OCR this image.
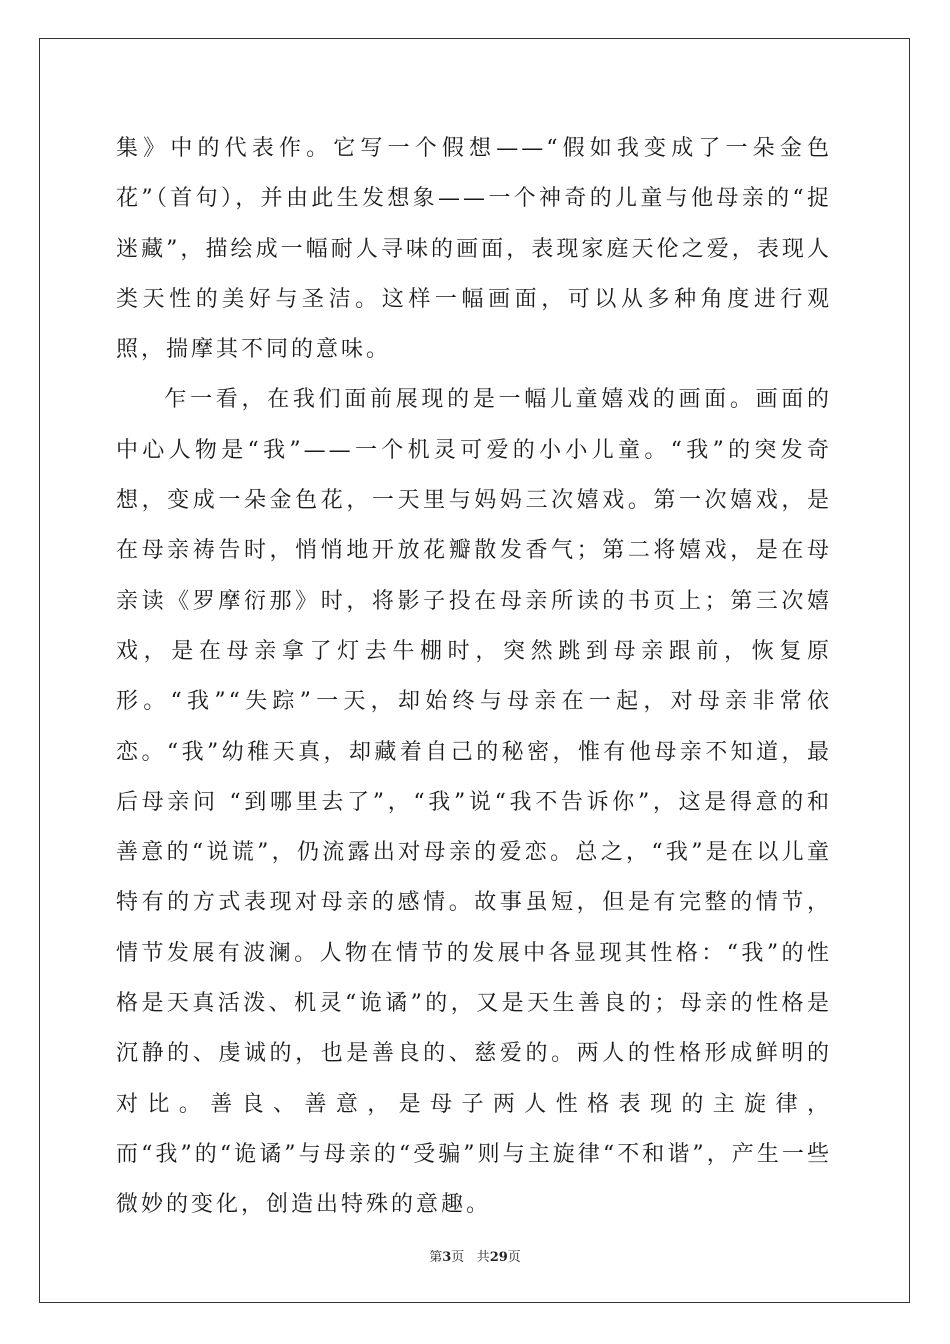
集》中的代表作。它写一个假想——“假如我变成了一朵金色花”（首句），并由此生发想象——一个神奇的儿童与他母亲的“捉迷藏”，描绘成一幅耐人寻味的画面，表现家庭天伦之爱，表现人类天性的美好与圣洁。这样一幅画面，可以从多种角度进行观照，揣摩其不同的意味。

乍一看，在我们面前展现的是一幅儿童嬉戏的画面。画面的中心人物是“我”——一个机灵可爱的小小儿童。“我”的突发奇想，变成一朵金色花，一天里与妈妈三次嬉戏。第一次嬉戏，是在母亲祷告时，悄悄地开放花瓣散发香气；第二将嬉戏，是在母亲读《罗摩衍那》时，将影子投在母亲所读的书页上；第三次嬉戏，是在母亲拿了灯去牛棚时，突然跳到母亲跟前，恢复原形。“我”“失踪”一天，却始终与母亲在一起，对母亲非常依恋。“我”幼稚天真，却藏着自己的秘密，惟有他母亲不知道，最后母亲问 “到哪里去了”，“我”说“我不告诉你”，这是得意的和善意的“说谎”，仍流露出对母亲的爱恋。总之，“我”是在以儿童特有的方式表现对母亲的感情。故事虽短，但是有完整的情节，情节发展有波澜。人物在情节的发展中各显现其性格：“我”的性格是天真活泼、机灵“诡谲”的，又是天生善良的；母亲的性格是沉静的、虔诚的，也是善良的、慈爱的。两人的性格形成鲜明的对比。善良、善意，是母子两人性格表现的主旋律，而“我”的“诡谲”与母亲的“受骗”则与主旋律“不和谐”，产生一些微妙的变化，创造出特殊的意趣。

第3页 共29页
